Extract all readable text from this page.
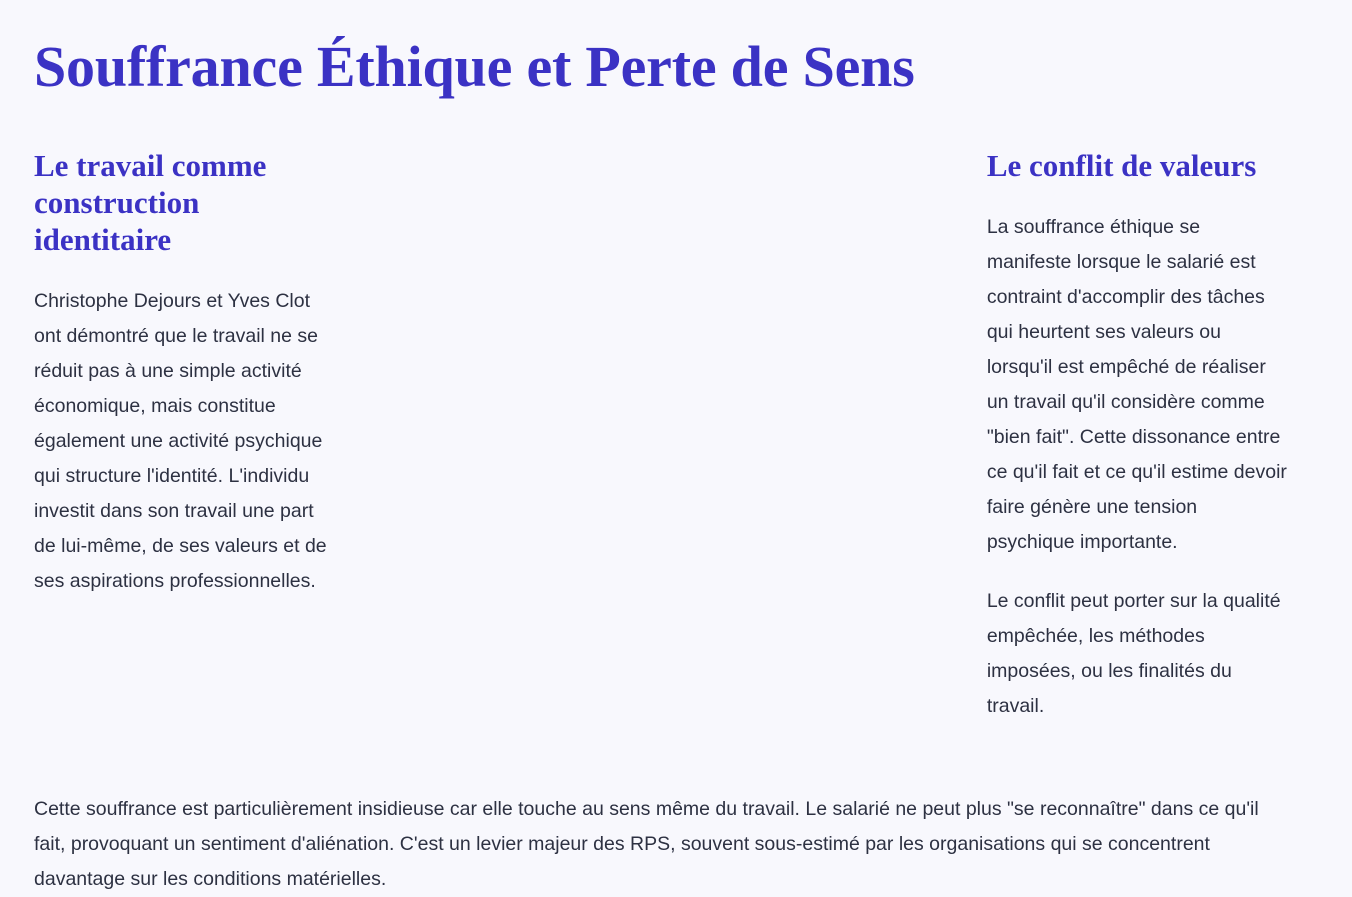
Souffrance Éthique et Perte de Sens
Le travail comme construction identitaire

Christophe Dejours et Yves Clot ont démontré que le travail ne se réduit pas à une simple activité économique, mais constitue également une activité psychique qui structure l'identité. L'individu investit dans son travail une part de lui-même, de ses valeurs et de ses aspirations professionnelles.

Le conflit de valeurs

La souffrance éthique se manifeste lorsque le salarié est contraint d'accomplir des tâches qui heurtent ses valeurs ou lorsqu'il est empêché de réaliser un travail qu'il considère comme "bien fait". Cette dissonance entre ce qu'il fait et ce qu'il estime devoir faire génère une tension psychique importante.

Le conflit peut porter sur la qualité empêchée, les méthodes imposées, ou les finalités du travail.

Cette souffrance est particulièrement insidieuse car elle touche au sens même du travail. Le salarié ne peut plus "se reconnaître" dans ce qu'il fait, provoquant un sentiment d'aliénation. C'est un levier majeur des RPS, souvent sous-estimé par les organisations qui se concentrent davantage sur les conditions matérielles.
